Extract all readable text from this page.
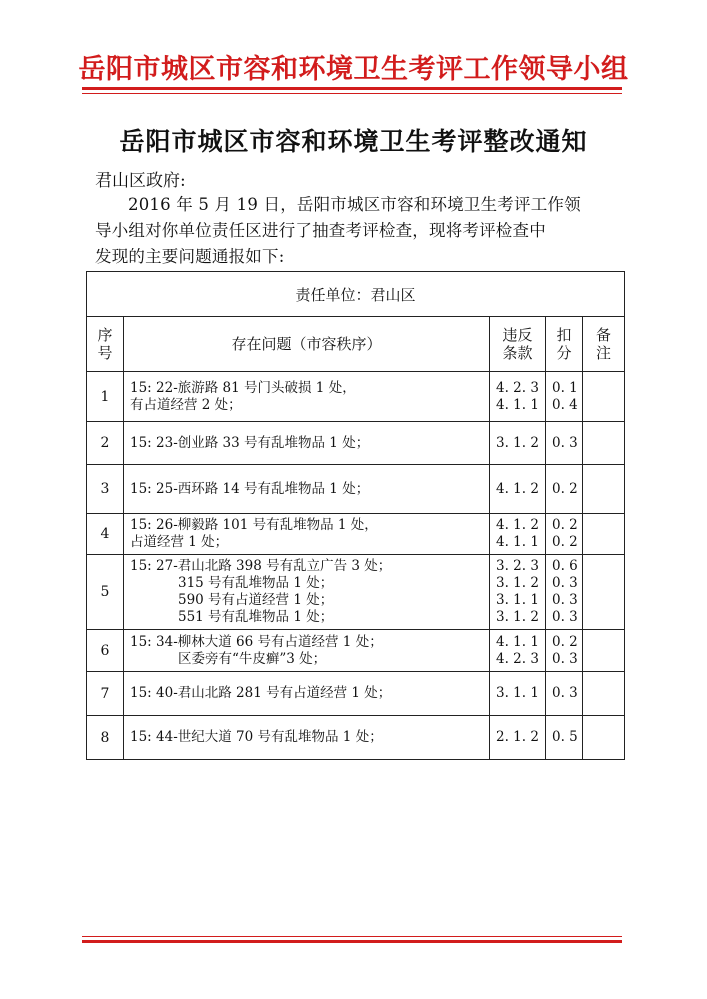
岳阳市城区市容和环境卫生考评工作领导小组
岳阳市城区市容和环境卫生考评整改通知
君山区政府:
2016 年 5 月 19 日，岳阳市城区市容和环境卫生考评工作领
导小组对你单位责任区进行了抽查考评检查，现将考评检查中
发现的主要问题通报如下:
责任单位：君山区				

序
号	存在问题（市容秩序）	违反
条款	扣
分	备
注

1	15: 22-旅游路 81 号门头破损 1 处，
有占道经营 2 处；	4. 2. 3
4. 1. 1	0. 1
0. 4	

2	15: 23-创业路 33 号有乱堆物品 1 处；	3. 1. 2	0. 3	

3	15: 25-西环路 14 号有乱堆物品 1 处；	4. 1. 2	0. 2	

4	15: 26-柳毅路 101 号有乱堆物品 1 处，
占道经营 1 处；	4. 1. 2
4. 1. 1	0. 2
0. 2	

5	15: 27-君山北路 398 号有乱立广告 3 处；
315 号有乱堆物品 1 处；
590 号有占道经营 1 处；
551 号有乱堆物品 1 处；	3. 2. 3
3. 1. 2
3. 1. 1
3. 1. 2	0. 6
0. 3
0. 3
0. 3	

6	15: 34-柳林大道 66 号有占道经营 1 处；
区委旁有“牛皮癣”3 处；	4. 1. 1
4. 2. 3	0. 2
0. 3	

7	15: 40-君山北路 281 号有占道经营 1 处；	3. 1. 1	0. 3	

8	15: 44-世纪大道 70 号有乱堆物品 1 处；	2. 1. 2	0. 5	
